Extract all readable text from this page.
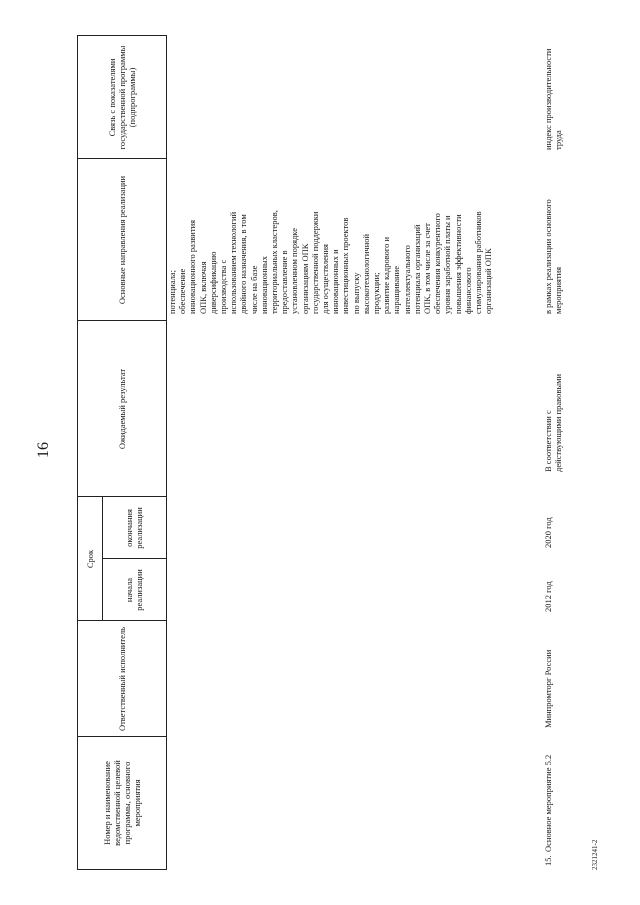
16
Номер и наименование ведомственной целевой программы, основного мероприятия
Ответственный исполнитель
Срок
начала реализации
окончания реализации
Ожидаемый результат
Основные направления реализации
Связь с показателями государственной программы (подпрограммы)
потенциала; обеспечение инновационного развития ОПК, включая диверсификацию производства с использованием технологий двойного назначения, в том числе на базе инновационных территориальных кластеров, предоставление в установленном порядке организациям ОПК государственной поддержки для осуществления инновационных и инвестиционных проектов по выпуску высокотехнологичной продукции; развитие кадрового и наращивание интеллектуального потенциала организаций ОПК, в том числе за счет обеспечения конкурентного уровня заработной платы и повышения эффективности финансового стимулирования работников организаций ОПК
15.
Основное мероприятие 5.2
Минпромторг России
2012 год
2020 год
В соответствии с действующими правовыми
в рамках реализации основного мероприятия
индекс производительности труда
2321241-2
